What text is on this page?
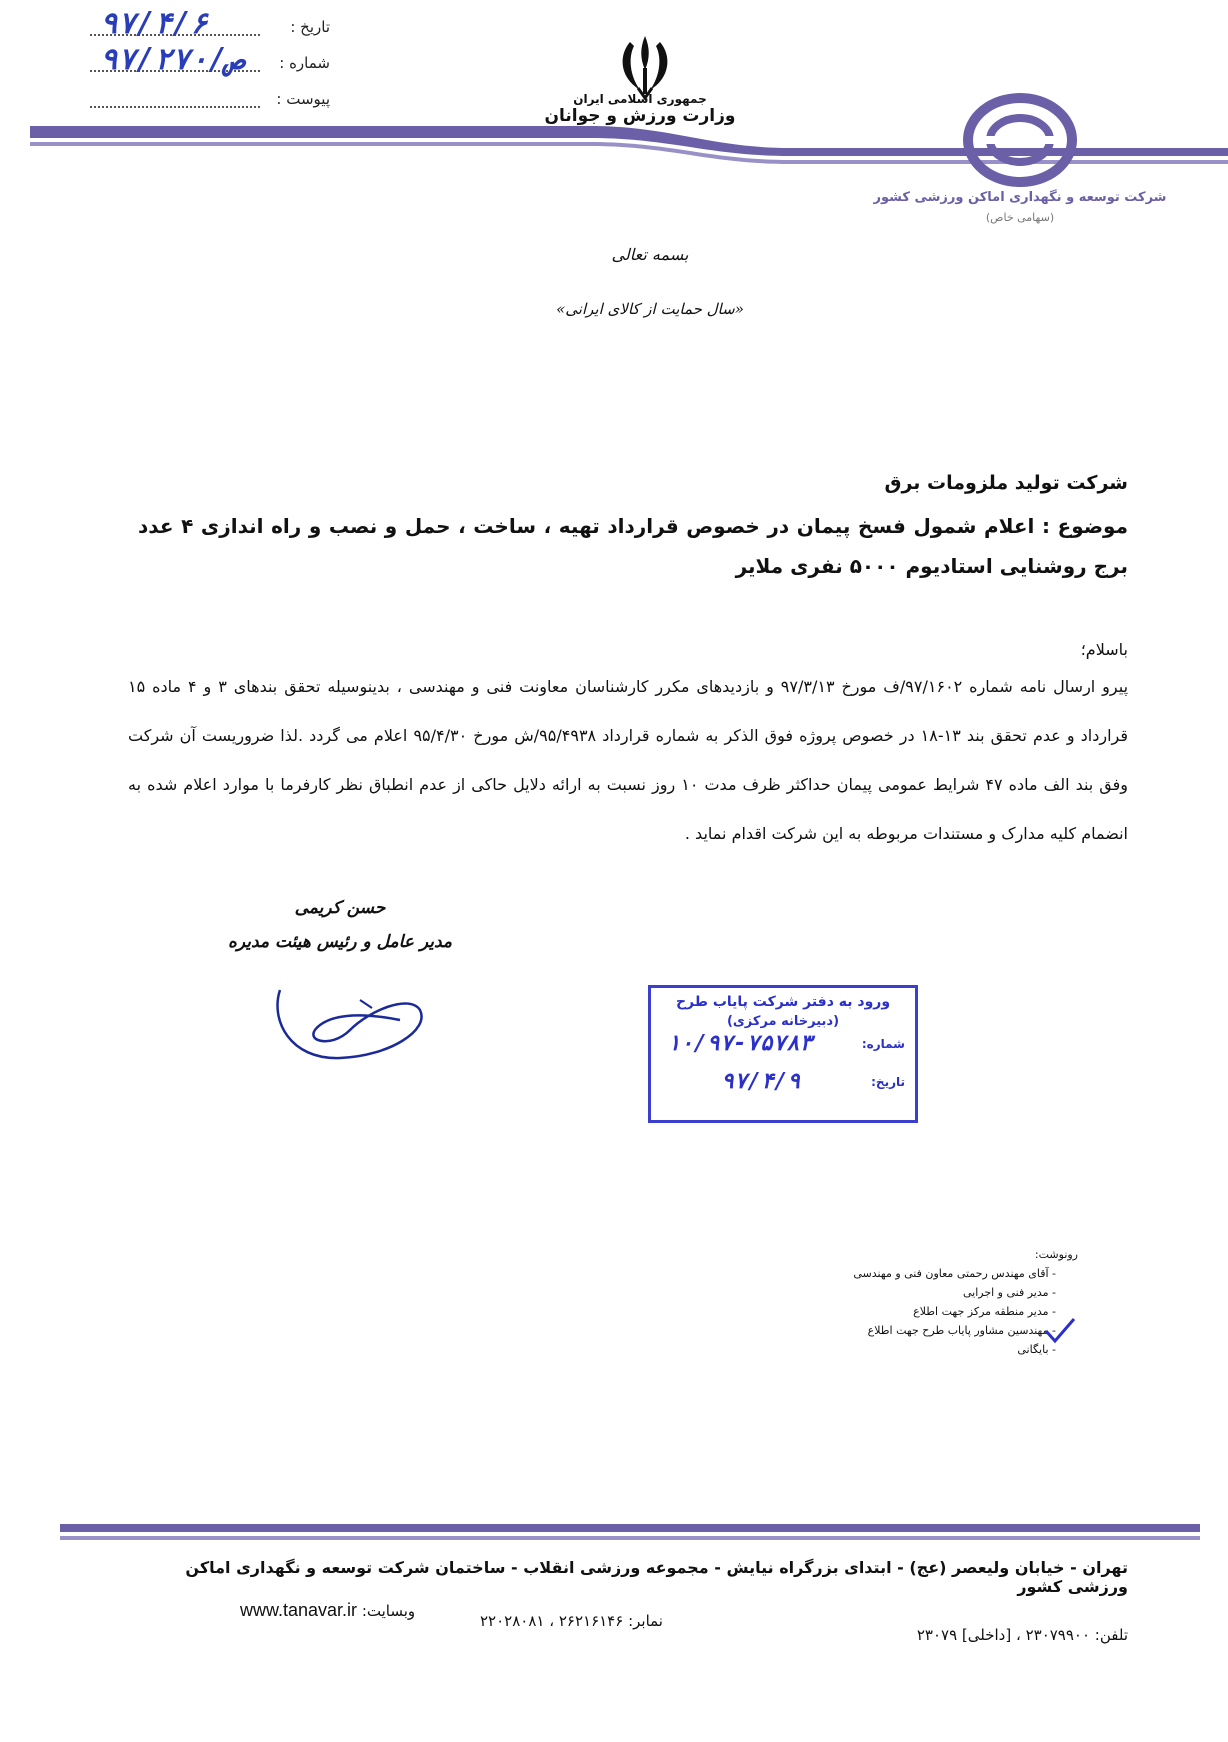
تاریخ :
۹۷/۴/۶
شماره :
۹۷/ص/۲۷۰
پیوست :	جمهوری اسلامی ایران
وزارت ورزش و جوانان
شرکت توسعه و نگهداری اماکن ورزشی کشور
(سهامی خاص)
بسمه تعالی
«سال حمایت از کالای ایرانی»
شرکت تولید ملزومات برق
موضوع : اعلام شمول فسخ پیمان در خصوص قرارداد تهیه ، ساخت ، حمل و نصب و راه اندازی ۴ عدد برج روشنایی استادیوم ۵۰۰۰ نفری ملایر
باسلام؛
پیرو ارسال نامه شماره ۹۷/۱۶۰۲/ف مورخ ۹۷/۳/۱۳ و بازدیدهای مکرر کارشناسان معاونت فنی و مهندسی ، بدینوسیله تحقق بندهای ۳ و ۴ ماده ۱۵ قرارداد و عدم تحقق بند ۱۳-۱۸ در خصوص پروژه فوق الذکر به شماره قرارداد ۹۵/۴۹۳۸/ش مورخ ۹۵/۴/۳۰ اعلام می گردد .لذا ضروریست آن شرکت وفق بند الف ماده ۴۷ شرایط عمومی پیمان حداکثر ظرف مدت ۱۰ روز نسبت به ارائه دلایل حاکی از عدم انطباق نظر کارفرما با موارد اعلام شده به انضمام کلیه مدارک و مستندات مربوطه به این شرکت اقدام نماید .
حسن کریمی
مدیر عامل و رئیس هیئت مدیره
ورود به دفتر شرکت پایاب طرح
(دبیرخانه مرکزی)
شماره:
۱۰/۹۷-۷۵۷۸۳
تاریخ:
۹۷/۴/۹
رونوشت:
- آقای مهندس رحمتی معاون فنی و مهندسی
- مدیر فنی و اجرایی
- مدیر منطقه مرکز جهت اطلاع
- مهندسین مشاور پایاب طرح جهت اطلاع
- بایگانی
تهران - خیابان ولیعصر (عج) - ابتدای بزرگراه نیایش - مجموعه ورزشی انقلاب - ساختمان شرکت توسعه و نگهداری اماکن ورزشی کشور
تلفن: ۲۳۰۷۹۹۰۰ ، [داخلی] ۲۳۰۷۹
نمابر: ۲۶۲۱۶۱۴۶ ، ۲۲۰۲۸۰۸۱
وبسایت: www.tanavar.ir
